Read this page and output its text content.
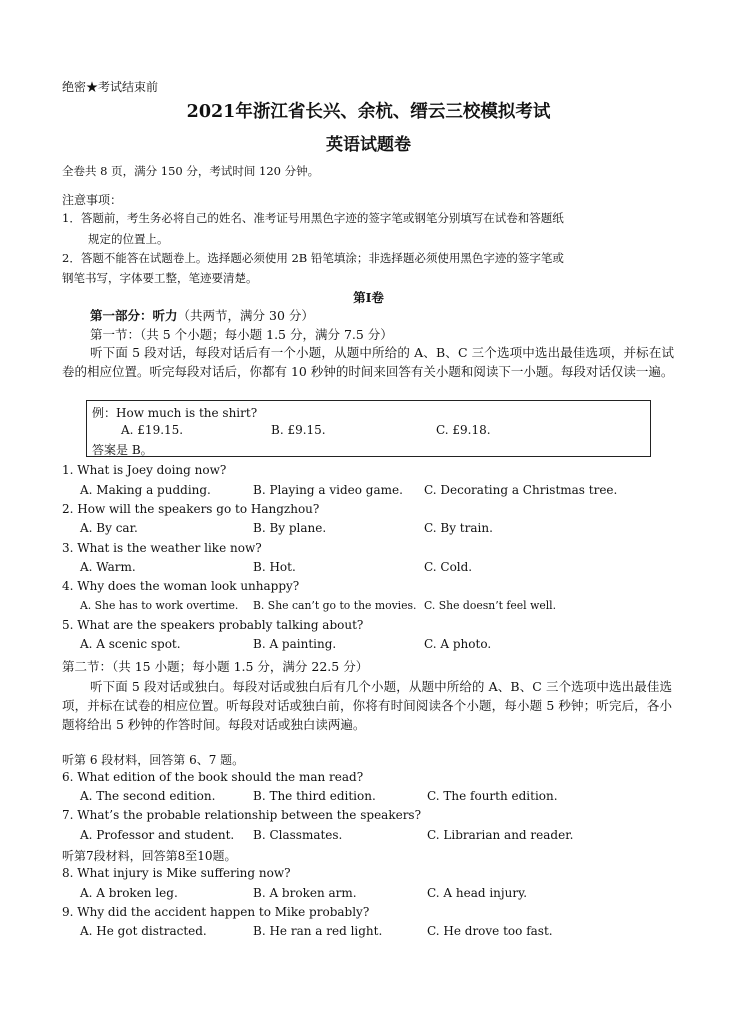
绝密★考试结束前
2021年浙江省长兴、余杭、缙云三校模拟考试
英语试题卷
全卷共 8 页，满分 150 分，考试时间 120 分钟。
注意事项：
1．答题前，考生务必将自己的姓名、准考证号用黑色字迹的签字笔或钢笔分别填写在试卷和答题纸
规定的位置上。
2．答题不能答在试题卷上。选择题必须使用 2B 铅笔填涂；非选择题必须使用黑色字迹的签字笔或
钢笔书写，字体要工整，笔迹要清楚。
第Ⅰ卷
第一部分：听力（共两节，满分 30 分）
第一节：（共 5 个小题；每小题 1.5 分，满分 7.5 分）
听下面 5 段对话，每段对话后有一个小题，从题中所给的 A、B、C 三个选项中选出最佳选项，并标在试卷的相应位置。听完每段对话后，你都有 10 秒钟的时间来回答有关小题和阅读下一小题。每段对话仅读一遍。
例：How much is the shirt?
A. £19.15.	B. £9.15.	C. £9.18.
答案是 B。
1. What is Joey doing now?
A. Making a pudding.	B. Playing a video game. C. Decorating a Christmas tree.
2. How will the speakers go to Hangzhou?
A. By car.	B. By plane.	C. By train.
3. What is the weather like now?
A. Warm.	B. Hot.	C. Cold.
4. Why does the woman look unhappy?
A. She has to work overtime. B. She can’t go to the movies. C. She doesn’t feel well.
5. What are the speakers probably talking about?
A. A scenic spot.	B. A painting.	C. A photo.
第二节：（共 15 小题；每小题 1.5 分，满分 22.5 分）
听下面 5 段对话或独白。每段对话或独白后有几个小题，从题中所给的 A、B、C 三个选项中选出最佳选项，并标在试卷的相应位置。听每段对话或独白前，你将有时间阅读各个小题，每小题 5 秒钟；听完后，各小题将给出 5 秒钟的作答时间。每段对话或独白读两遍。
听第 6 段材料，回答第 6、7 题。
6. What edition of the book should the man read?
A. The second edition.	B. The third edition.	C. The fourth edition.
7. What’s the probable relationship between the speakers?
A. Professor and student. B. Classmates.	C. Librarian and reader.
听第7段材料，回答第8至10题。
8. What injury is Mike suffering now?
A. A broken leg.	B. A broken arm.	C. A head injury.
9. Why did the accident happen to Mike probably?
A. He got distracted.	B. He ran a red light.	C. He drove too fast.
